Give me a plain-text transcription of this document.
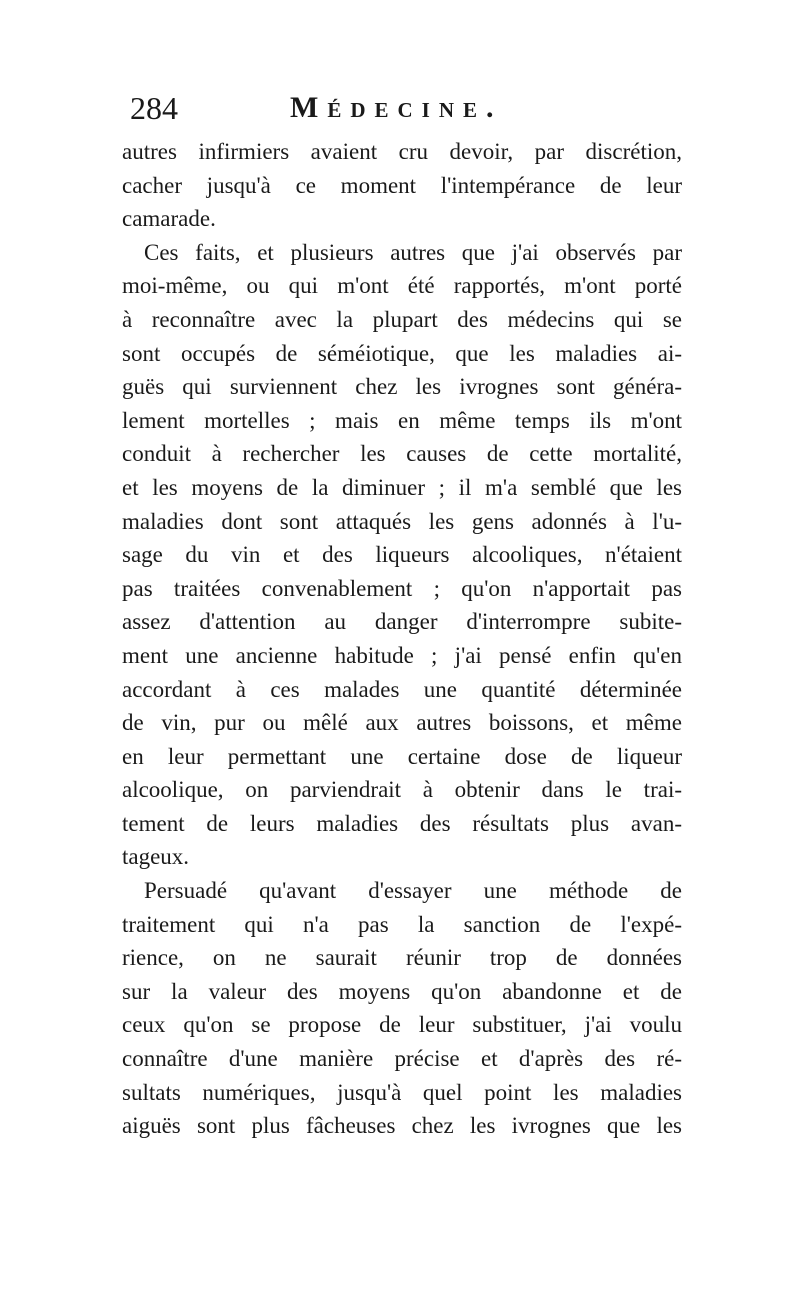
284	Médecine.
autres infirmiers avaient cru devoir, par discrétion,
cacher jusqu'à ce moment l'intempérance de leur
camarade.
Ces faits, et plusieurs autres que j'ai observés par
moi-même, ou qui m'ont été rapportés, m'ont porté
à reconnaître avec la plupart des médecins qui se
sont occupés de séméiotique, que les maladies ai-
guës qui surviennent chez les ivrognes sont généra-
lement mortelles ; mais en même temps ils m'ont
conduit à rechercher les causes de cette mortalité,
et les moyens de la diminuer ; il m'a semblé que les
maladies dont sont attaqués les gens adonnés à l'u-
sage du vin et des liqueurs alcooliques, n'étaient
pas traitées convenablement ; qu'on n'apportait pas
assez d'attention au danger d'interrompre subite-
ment une ancienne habitude ; j'ai pensé enfin qu'en
accordant à ces malades une quantité déterminée
de vin, pur ou mêlé aux autres boissons, et même
en leur permettant une certaine dose de liqueur
alcoolique, on parviendrait à obtenir dans le trai-
tement de leurs maladies des résultats plus avan-
tageux.
Persuadé qu'avant d'essayer une méthode de
traitement qui n'a pas la sanction de l'expé-
rience, on ne saurait réunir trop de données
sur la valeur des moyens qu'on abandonne et de
ceux qu'on se propose de leur substituer, j'ai voulu
connaître d'une manière précise et d'après des ré-
sultats numériques, jusqu'à quel point les maladies
aiguës sont plus fâcheuses chez les ivrognes que les
